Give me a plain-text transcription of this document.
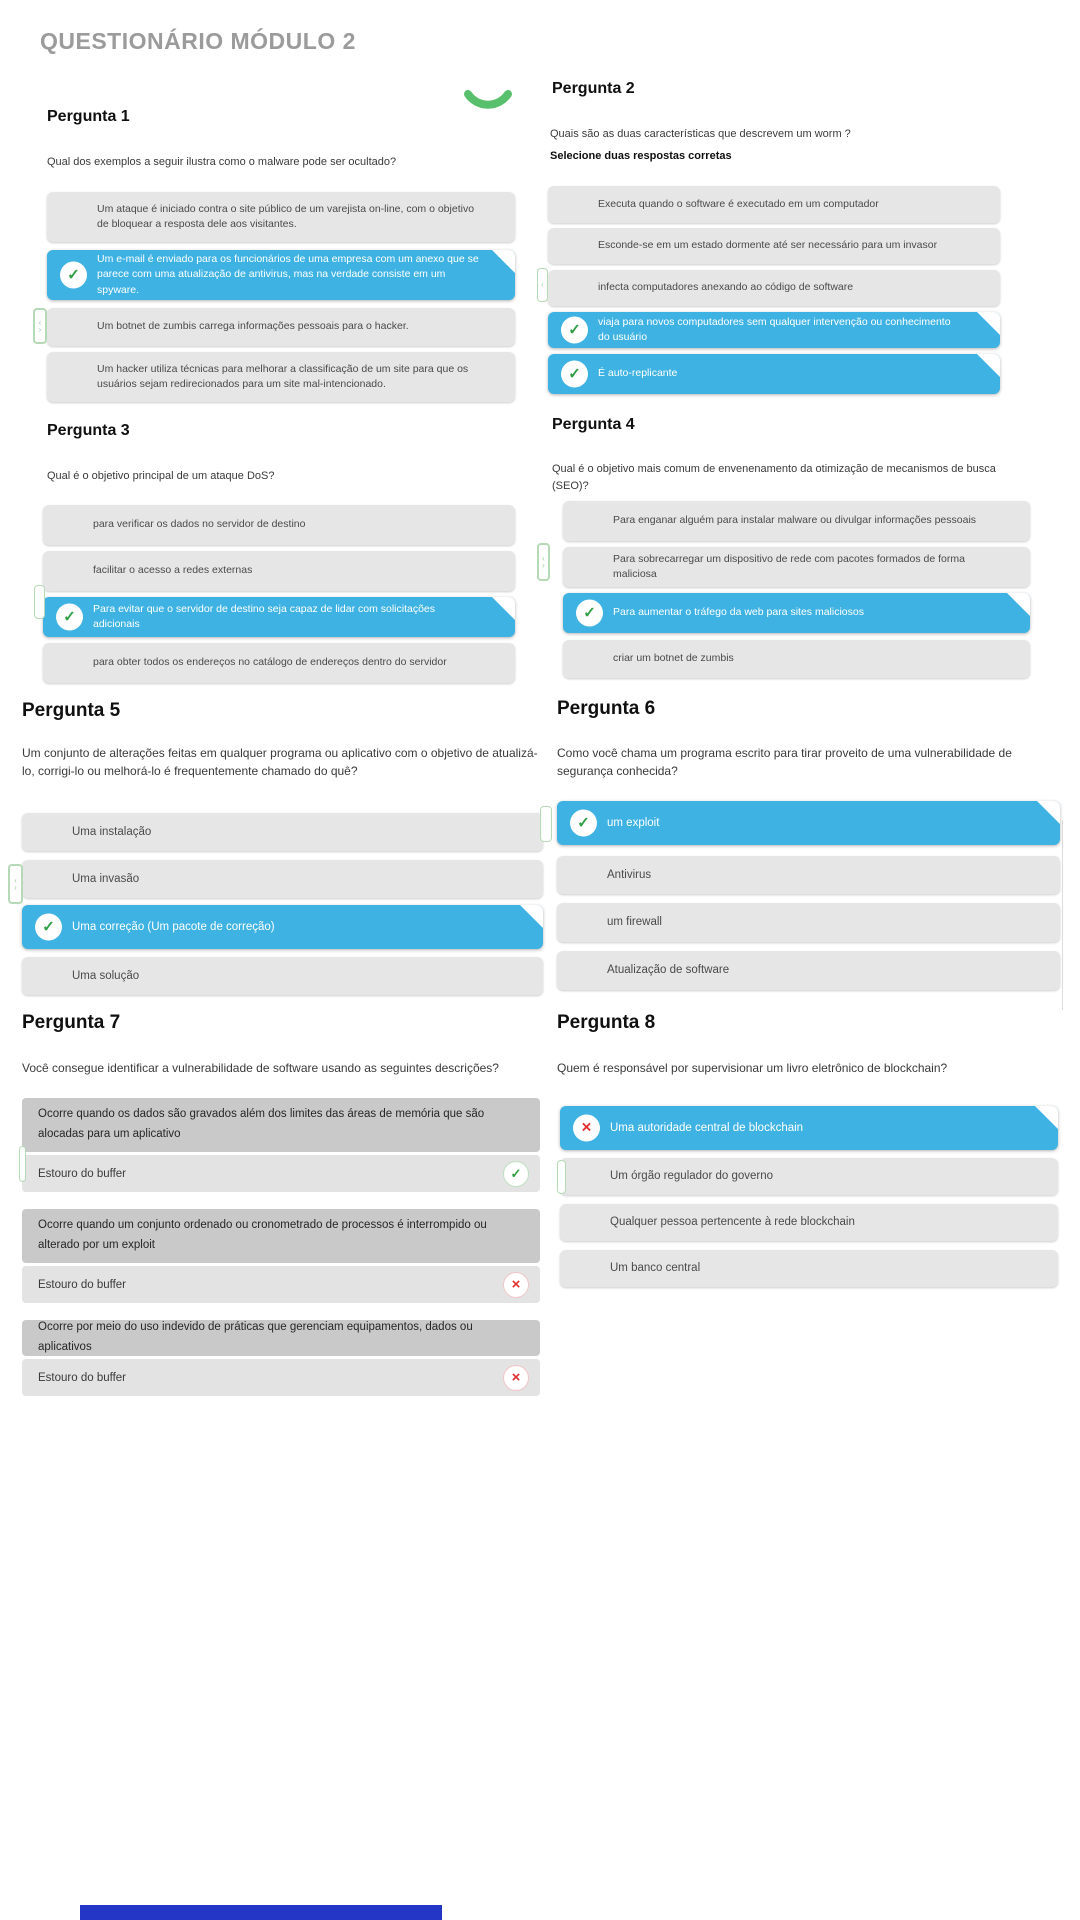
QUESTIONÁRIO MÓDULO 2
Pergunta 1
Qual dos exemplos a seguir ilustra como o malware pode ser ocultado?
Um ataque é iniciado contra o site público de um varejista on-line, com o objetivo de bloquear a resposta dele aos visitantes.
✓
Um e-mail é enviado para os funcionários de uma empresa com um anexo que se parece com uma atualização de antivirus, mas na verdade consiste em um spyware.
Um botnet de zumbis carrega informações pessoais para o hacker.
Um hacker utiliza técnicas para melhorar a classificação de um site para que os usuários sejam redirecionados para um site mal-intencionado.
Pergunta 2
Quais são as duas características que descrevem um worm ?
Selecione duas respostas corretas
Executa quando o software é executado em um computador
Esconde-se em um estado dormente até ser necessário para um invasor
infecta computadores anexando ao código de software
✓	viaja para novos computadores sem qualquer intervenção ou conhecimento do usuário
✓	É auto-replicante
Pergunta 3
Qual é o objetivo principal de um ataque DoS?
para verificar os dados no servidor de destino
facilitar o acesso a redes externas
✓	Para evitar que o servidor de destino seja capaz de lidar com solicitações adicionais
para obter todos os endereços no catálogo de endereços dentro do servidor
Pergunta 4
Qual é o objetivo mais comum de envenenamento da otimização de mecanismos de busca (SEO)?
Para enganar alguém para instalar malware ou divulgar informações pessoais
Para sobrecarregar um dispositivo de rede com pacotes formados de forma maliciosa
✓	Para aumentar o tráfego da web para sites maliciosos
criar um botnet de zumbis
Pergunta 5
Um conjunto de alterações feitas em qualquer programa ou aplicativo com o objetivo de atualizá-lo, corrigi-lo ou melhorá-lo é frequentemente chamado do quê?
Uma instalação
Uma invasão
✓	Uma correção (Um pacote de correção)
Uma solução
Pergunta 6
Como você chama um programa escrito para tirar proveito de uma vulnerabilidade de segurança conhecida?
✓	um exploit
Antivirus
um firewall
Atualização de software
Pergunta 7
Você consegue identificar a vulnerabilidade de software usando as seguintes descrições?
Ocorre quando os dados são gravados além dos limites das áreas de memória que são alocadas para um aplicativo
Estouro do buffer	✓
Ocorre quando um conjunto ordenado ou cronometrado de processos é interrompido ou alterado por um exploit
Estouro do buffer	×
Ocorre por meio do uso indevido de práticas que gerenciam equipamentos, dados ou aplicativos
Estouro do buffer	×
Pergunta 8
Quem é responsável por supervisionar um livro eletrônico de blockchain?
×	Uma autoridade central de blockchain
Um órgão regulador do governo
Qualquer pessoa pertencente à rede blockchain
Um banco central
‹
›
‹
‹
›
‹
›
